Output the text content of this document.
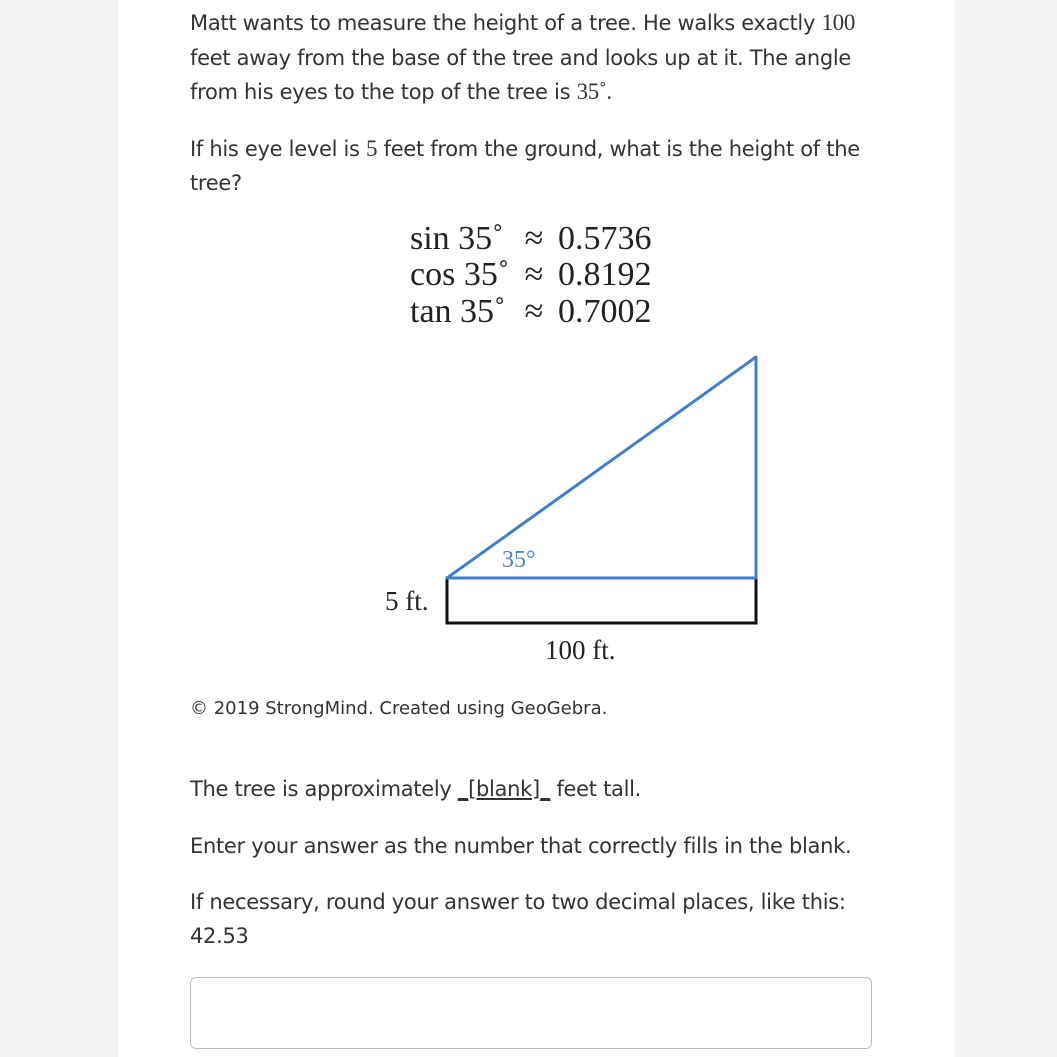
Matt wants to measure the height of a tree. He walks exactly 100
feet away from the base of the tree and looks up at it. The angle
from his eyes to the top of the tree is 35˚.
If his eye level is 5 feet from the ground, what is the height of the
tree?
sin 35˚ ≈ 0.5736
cos 35˚ ≈ 0.8192
tan 35˚ ≈ 0.7002
35°
5 ft.
100 ft.
© 2019 StrongMind. Created using GeoGebra.
The tree is approximately _[blank]_ feet tall.
Enter your answer as the number that correctly fills in the blank.
If necessary, round your answer to two decimal places, like this:
42.53
